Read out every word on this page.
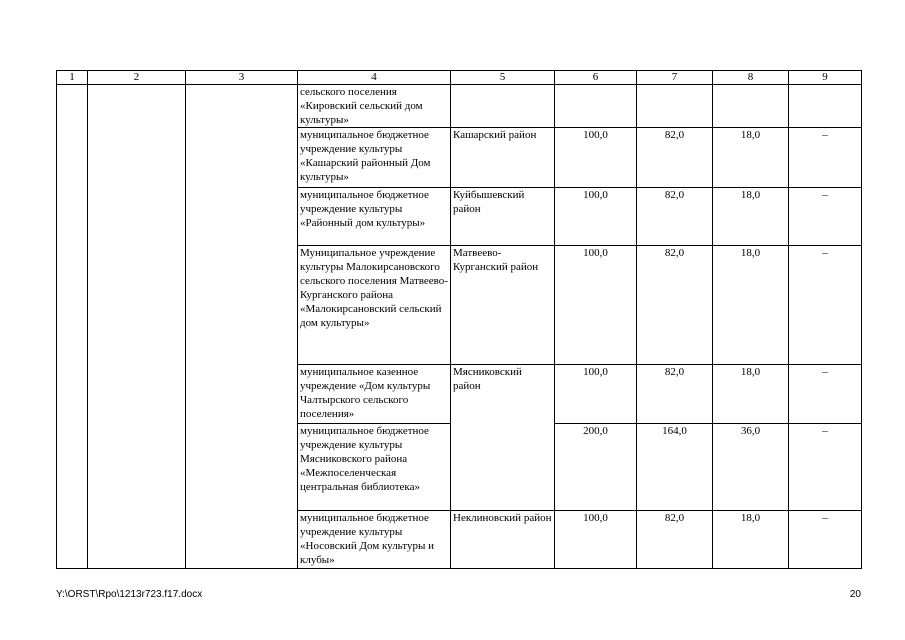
1	2	3	4	5	6	7	8	9
			сельского поселения «Кировский сельский дом культуры»					
			муниципальное бюджетное учреждение культуры «Кашарский районный Дом культуры»	Кашарский район	100,0	82,0	18,0	–
			муниципальное бюджетное учреждение культуры «Районный дом культуры»	Куйбышевский район	100,0	82,0	18,0	–
			Муниципальное учреждение культуры Малокирсановского сельского поселения Матвеево-Курганского района «Малокирсановский сельский дом культуры»	Матвеево-Курганский район	100,0	82,0	18,0	–
			муниципальное казенное учреждение «Дом культуры Чалтырского сельского поселения»	Мясниковский район	100,0	82,0	18,0	–
			муниципальное бюджетное учреждение культуры Мясниковского района «Межпоселенческая центральная библиотека»		200,0	164,0	36,0	–
			муниципальное бюджетное учреждение культуры «Носовский Дом культуры и клубы»	Неклиновский район	100,0	82,0	18,0	–
Y:\ORST\Rpo\1213r723.f17.docx	20
